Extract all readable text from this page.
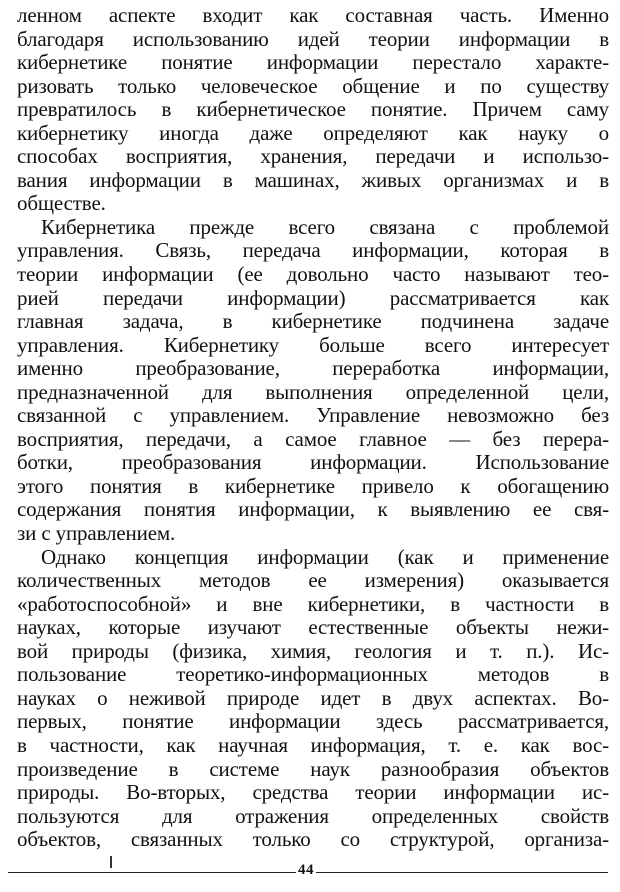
ленном аспекте входит как составная часть. Именно
благодаря использованию идей теории информации в
кибернетике понятие информации перестало характе-
ризовать только человеческое общение и по существу
превратилось в кибернетическое понятие. Причем саму
кибернетику иногда даже определяют как науку о
способах восприятия, хранения, передачи и использо-
вания информации в машинах, живых организмах и в
обществе.
Кибернетика прежде всего связана с проблемой
управления. Связь, передача информации, которая в
теории информации (ее довольно часто называют тео-
рией передачи информации) рассматривается как
главная задача, в кибернетике подчинена задаче
управления. Кибернетику больше всего интересует
именно преобразование, переработка информации,
предназначенной для выполнения определенной цели,
связанной с управлением. Управление невозможно без
восприятия, передачи, а самое главное — без перера-
ботки, преобразования информации. Использование
этого понятия в кибернетике привело к обогащению
содержания понятия информации, к выявлению ее свя-
зи с управлением.
Однако концепция информации (как и применение
количественных методов ее измерения) оказывается
«работоспособной» и вне кибернетики, в частности в
науках, которые изучают естественные объекты нежи-
вой природы (физика, химия, геология и т. п.). Ис-
пользование теоретико-информационных методов в
науках о неживой природе идет в двух аспектах. Во-
первых, понятие информации здесь рассматривается,
в частности, как научная информация, т. е. как вос-
произведение в системе наук разнообразия объектов
природы. Во-вторых, средства теории информации ис-
пользуются для отражения определенных свойств
объектов, связанных только со структурой, организа-
44
